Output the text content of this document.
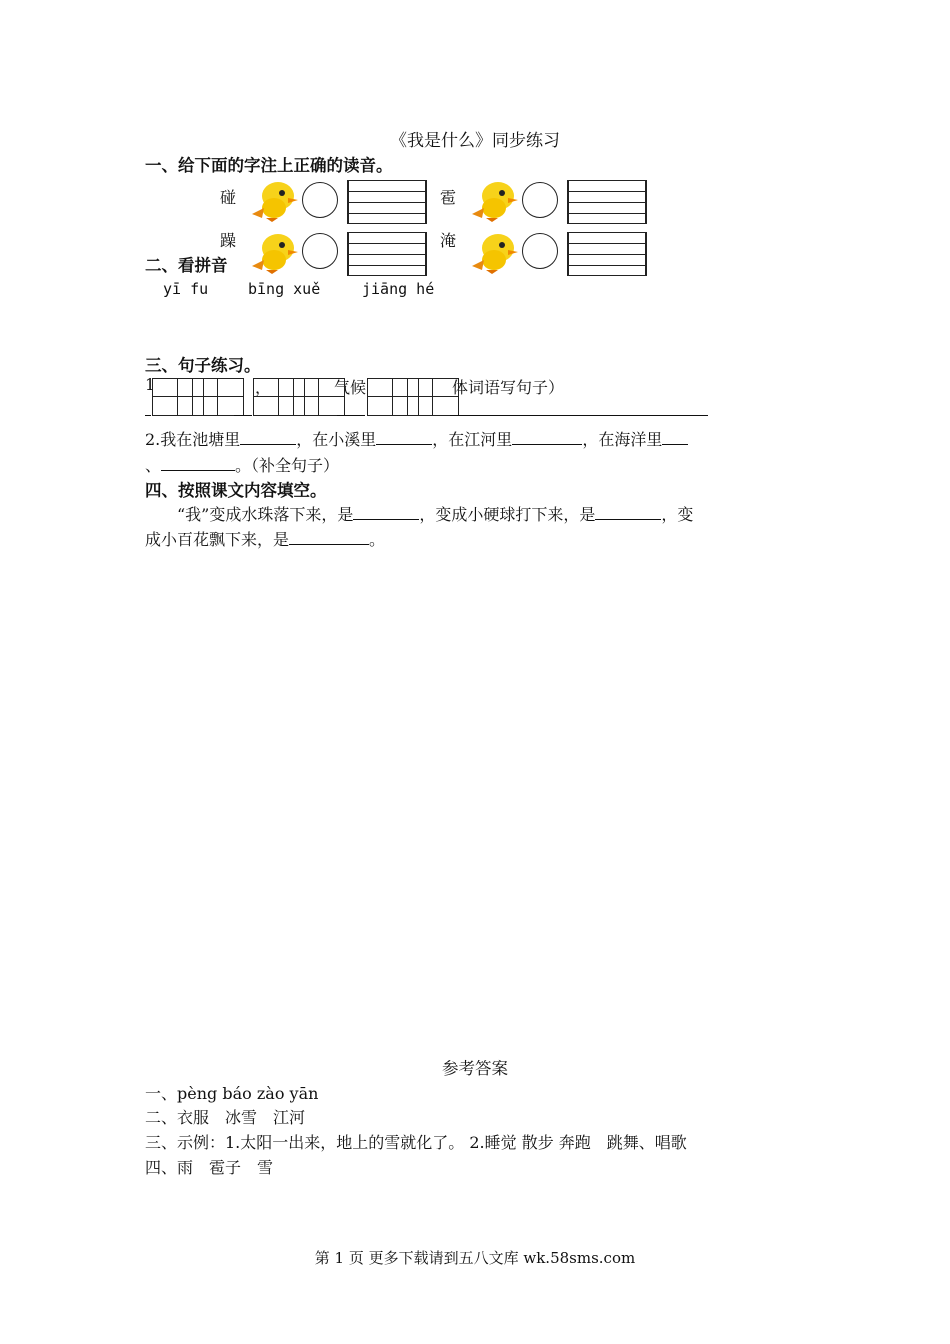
《我是什么》同步练习
一、给下面的字注上正确的读音。
碰	雹
躁	淹
二、看拼音
yī fu	bīng xuě	jiāng hé
三、句子练习。
1	，	气候	体词语写句子）
2.我在池塘里	，在小溪里	，在江河里	，在海洋里
、	。（补全句子）
四、按照课文内容填空。
“我”变成水珠落下来，是	，变成小硬球打下来，是	，变
成小百花飘下来，是	。
参考答案
一、pèng báo zào yān
二、衣服　冰雪　江河
三、示例：1.太阳一出来，地上的雪就化了。 2.睡觉 散步 奔跑　跳舞、唱歌
四、雨　雹子　雪
第 1 页 更多下载请到五八文库 wk.58sms.com
